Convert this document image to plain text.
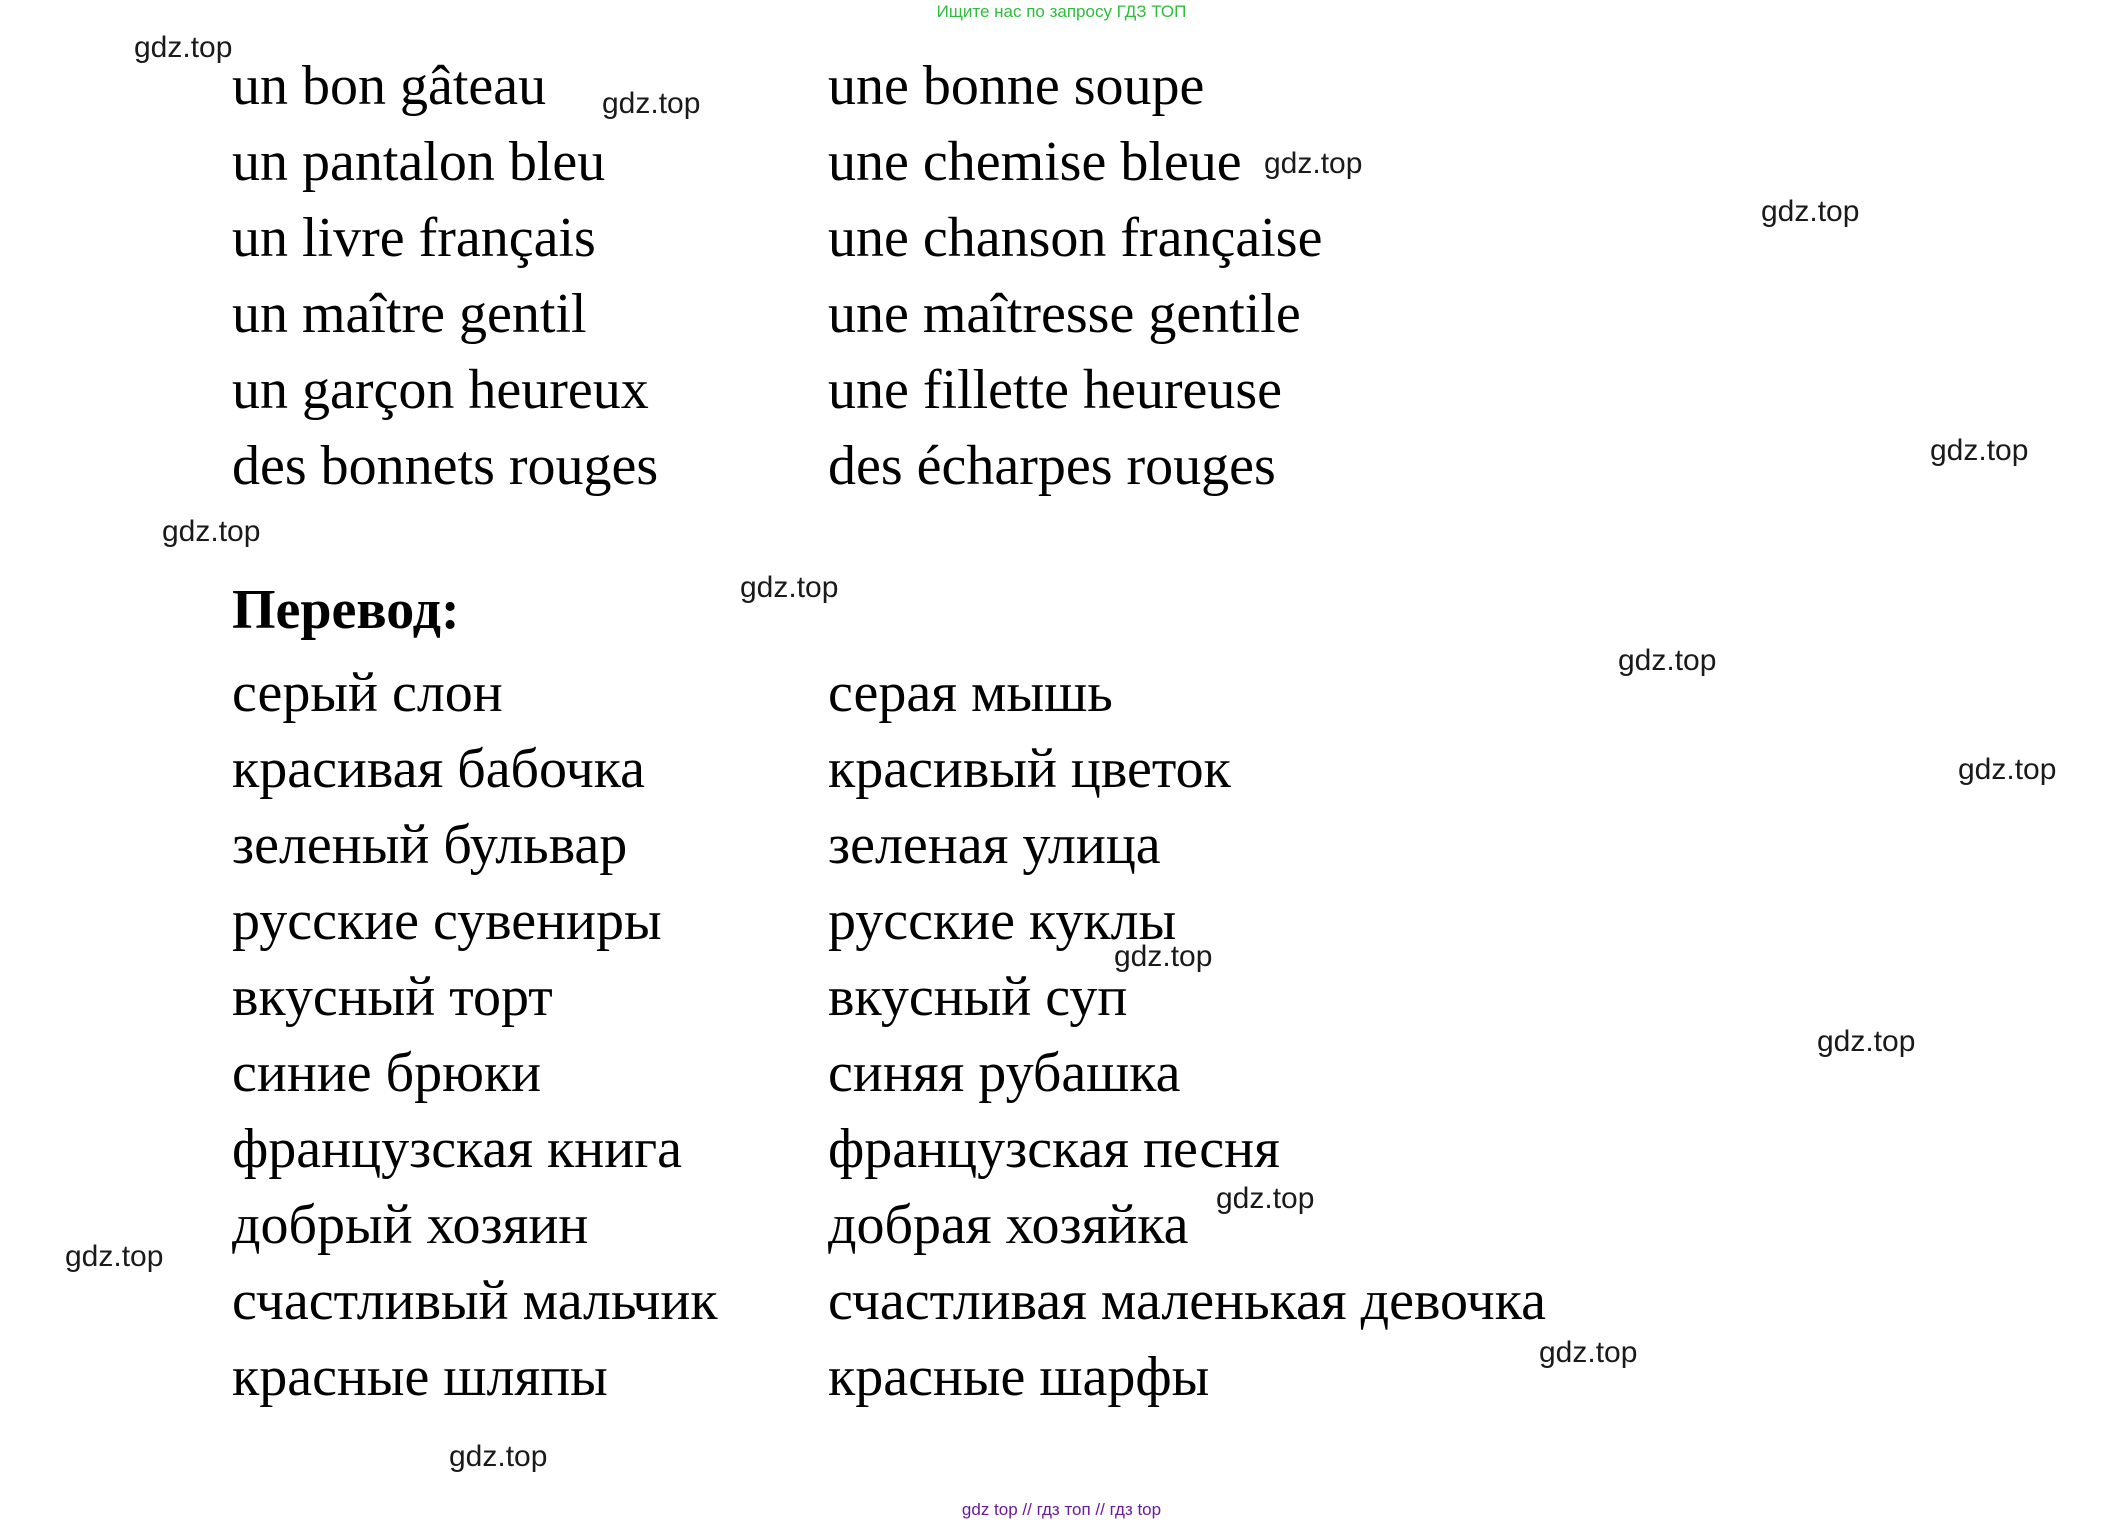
Ищите нас по запросу ГДЗ ТОП
un bon gâteau
un pantalon bleu
un livre français
un maître gentil
un garçon heureux
des bonnets rouges
une bonne soupe
une chemise bleue
une chanson française
une maîtresse gentile
une fillette heureuse
des écharpes rouges
Перевод:
серый слон
красивая бабочка
зеленый бульвар
русские сувениры
вкусный торт
синие брюки
французская книга
добрый хозяин
счастливый мальчик
красные шляпы
серая мышь
красивый цветок
зеленая улица
русские куклы
вкусный суп
синяя рубашка
французская песня
добрая хозяйка
счастливая маленькая девочка
красные шарфы
gdz.top
gdz.top
gdz.top
gdz.top
gdz.top
gdz.top
gdz.top
gdz.top
gdz.top
gdz.top
gdz.top
gdz.top
gdz.top
gdz.top
gdz.top
gdz top // гдз топ // гдз top
